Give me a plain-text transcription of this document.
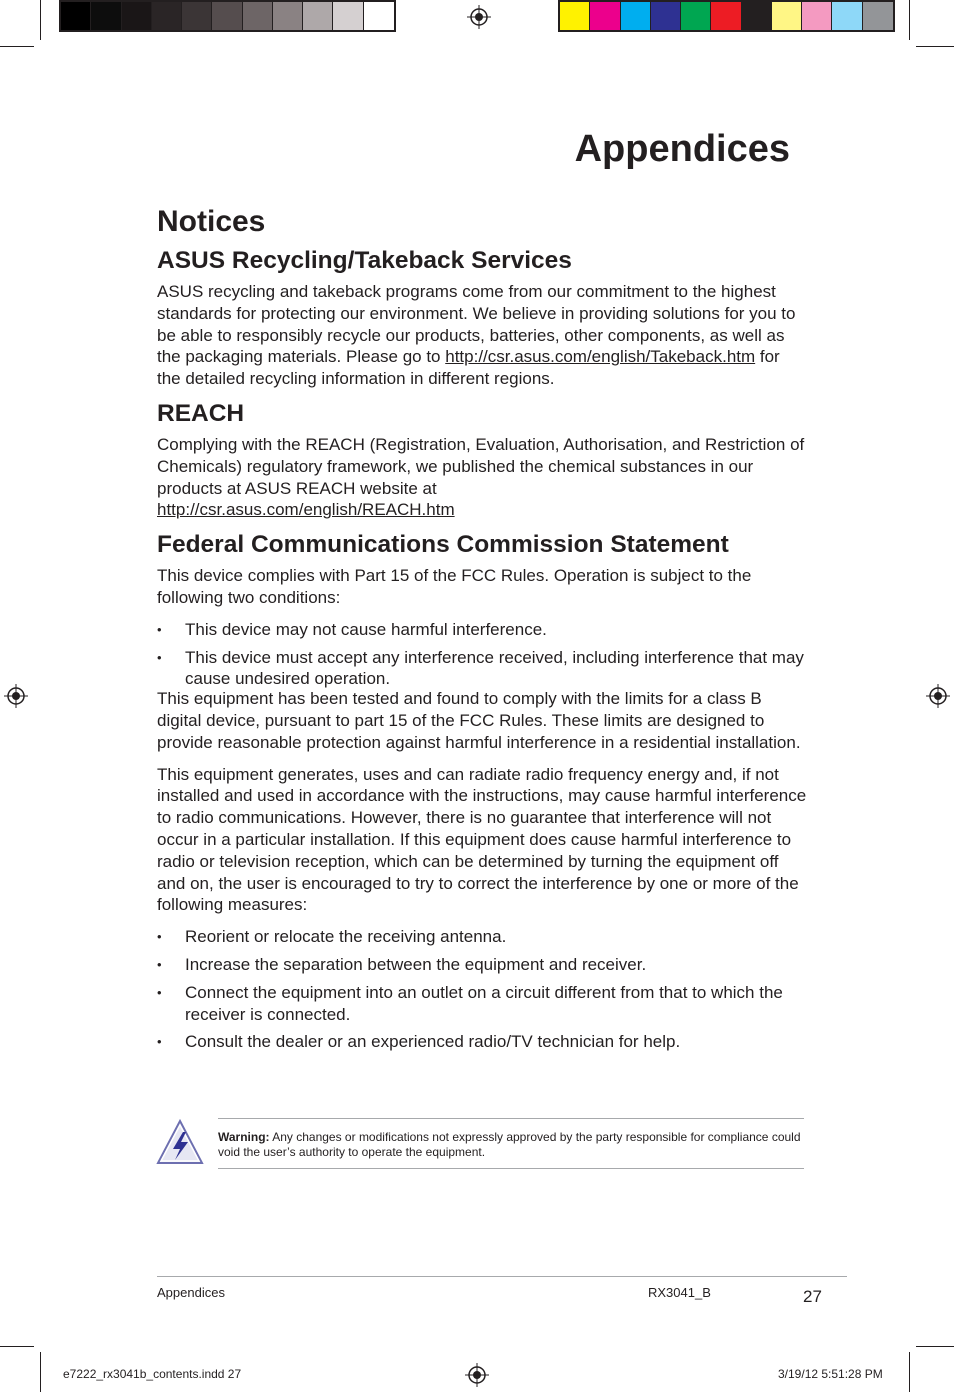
Appendices
Notices
ASUS Recycling/Takeback Services

ASUS recycling and takeback programs come from our commitment to the highest standards for protecting our environment. We believe in providing solutions for you to be able to responsibly recycle our products, batteries, other components, as well as the packaging materials. Please go to http://csr.asus.com/english/Takeback.htm for the detailed recycling information in different regions.

REACH

Complying with the REACH (Registration, Evaluation, Authorisation, and Restriction of Chemicals) regulatory framework, we published the chemical substances in our products at ASUS REACH website at
http://csr.asus.com/english/REACH.htm

Federal Communications Commission Statement

This device complies with Part 15 of the FCC Rules. Operation is subject to the following two conditions:

• This device may not cause harmful interference.
• This device must accept any interference received, including interference that may cause undesired operation.

This equipment has been tested and found to comply with the limits for a class B digital device, pursuant to part 15 of the FCC Rules. These limits are designed to provide reasonable protection against harmful interference in a residential installation.

This equipment generates, uses and can radiate radio frequency energy and, if not installed and used in accordance with the instructions, may cause harmful interference to radio communications. However, there is no guarantee that interference will not occur in a particular installation. If this equipment does cause harmful interference to radio or television reception, which can be determined by turning the equipment off and on, the user is encouraged to try to correct the interference by one or more of the following measures:

• Reorient or relocate the receiving antenna.
• Increase the separation between the equipment and receiver.
• Connect the equipment into an outlet on a circuit different from that to which the receiver is connected.
• Consult the dealer or an experienced radio/TV technician for help.
Warning: Any changes or modifications not expressly approved by the party responsible for compliance could void the user’s authority to operate the equipment.
Appendices	RX3041_B	27
e7222_rx3041b_contents.indd 27	3/19/12 5:51:28 PM
